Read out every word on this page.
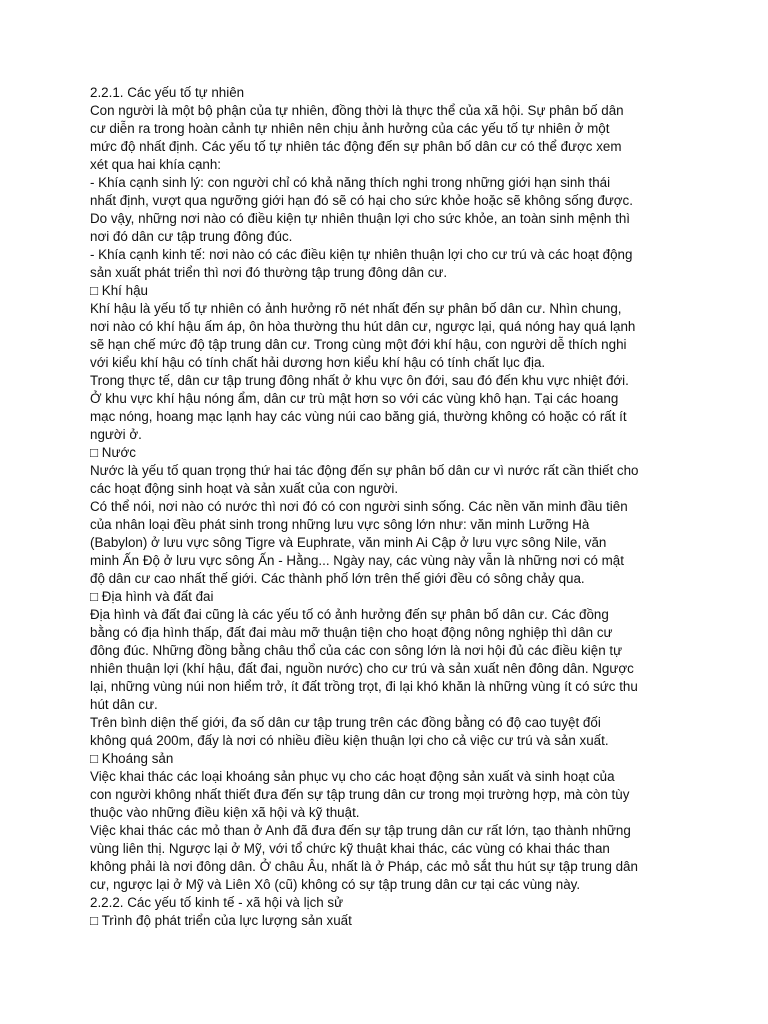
2.2.1. Các yếu tố tự nhiên
Con người là một bộ phận của tự nhiên, đồng thời là thực thể của xã hội. Sự phân bố dân
cư diễn ra trong hoàn cảnh tự nhiên nên chịu ảnh hưởng của các yếu tố tự nhiên ở một
mức độ nhất định. Các yếu tố tự nhiên tác động đến sự phân bố dân cư có thể được xem
xét qua hai khía cạnh:
- Khía cạnh sinh lý: con người chỉ có khả năng thích nghi trong những giới hạn sinh thái
nhất định, vượt qua ngưỡng giới hạn đó sẽ có hại cho sức khỏe hoặc sẽ không sống được.
Do vậy, những nơi nào có điều kiện tự nhiên thuận lợi cho sức khỏe, an toàn sinh mệnh thì
nơi đó dân cư tập trung đông đúc.
- Khía cạnh kinh tế: nơi nào có các điều kiện tự nhiên thuận lợi cho cư trú và các hoạt động
sản xuất phát triển thì nơi đó thường tập trung đông dân cư.
□ Khí hậu
Khí hậu là yếu tố tự nhiên có ảnh hưởng rõ nét nhất đến sự phân bố dân cư. Nhìn chung,
nơi nào có khí hậu ấm áp, ôn hòa thường thu hút dân cư, ngược lại, quá nóng hay quá lạnh
sẽ hạn chế mức độ tập trung dân cư. Trong cùng một đới khí hậu, con người dễ thích nghi
với kiểu khí hậu có tính chất hải dương hơn kiểu khí hậu có tính chất lục địa.
Trong thực tế, dân cư tập trung đông nhất ở khu vực ôn đới, sau đó đến khu vực nhiệt đới.
Ở khu vực khí hậu nóng ẩm, dân cư trù mật hơn so với các vùng khô hạn. Tại các hoang
mạc nóng, hoang mạc lạnh hay các vùng núi cao băng giá, thường không có hoặc có rất ít
người ở.
□ Nước
Nước là yếu tố quan trọng thứ hai tác động đến sự phân bố dân cư vì nước rất cần thiết cho
các hoạt động sinh hoạt và sản xuất của con người.
Có thể nói, nơi nào có nước thì nơi đó có con người sinh sống. Các nền văn minh đầu tiên
của nhân loại đều phát sinh trong những lưu vực sông lớn như: văn minh Lưỡng Hà
(Babylon) ở lưu vực sông Tigre và Euphrate, văn minh Ai Cập ở lưu vực sông Nile, văn
minh Ấn Độ ở lưu vực sông Ấn - Hằng... Ngày nay, các vùng này vẫn là những nơi có mật
độ dân cư cao nhất thế giới. Các thành phố lớn trên thế giới đều có sông chảy qua.
□ Địa hình và đất đai
Địa hình và đất đai cũng là các yếu tố có ảnh hưởng đến sự phân bố dân cư. Các đồng
bằng có địa hình thấp, đất đai màu mỡ thuận tiện cho hoạt động nông nghiệp thì dân cư
đông đúc. Những đồng bằng châu thổ của các con sông lớn là nơi hội đủ các điều kiện tự
nhiên thuận lợi (khí hậu, đất đai, nguồn nước) cho cư trú và sản xuất nên đông dân. Ngược
lại, những vùng núi non hiểm trở, ít đất trồng trọt, đi lại khó khăn là những vùng ít có sức thu
hút dân cư.
Trên bình diện thế giới, đa số dân cư tập trung trên các đồng bằng có độ cao tuyệt đối
không quá 200m, đấy là nơi có nhiều điều kiện thuận lợi cho cả việc cư trú và sản xuất.
□ Khoáng sản
Việc khai thác các loại khoáng sản phục vụ cho các hoạt động sản xuất và sinh hoạt của
con người không nhất thiết đưa đến sự tập trung dân cư trong mọi trường hợp, mà còn tùy
thuộc vào những điều kiện xã hội và kỹ thuật.
Việc khai thác các mỏ than ở Anh đã đưa đến sự tập trung dân cư rất lớn, tạo thành những
vùng liên thị. Ngược lại ở Mỹ, với tổ chức kỹ thuật khai thác, các vùng có khai thác than
không phải là nơi đông dân. Ở châu Âu, nhất là ở Pháp, các mỏ sắt thu hút sự tập trung dân
cư, ngược lại ở Mỹ và Liên Xô (cũ) không có sự tập trung dân cư tại các vùng này.
2.2.2. Các yếu tố kinh tế - xã hội và lịch sử
□ Trình độ phát triển của lực lượng sản xuất
